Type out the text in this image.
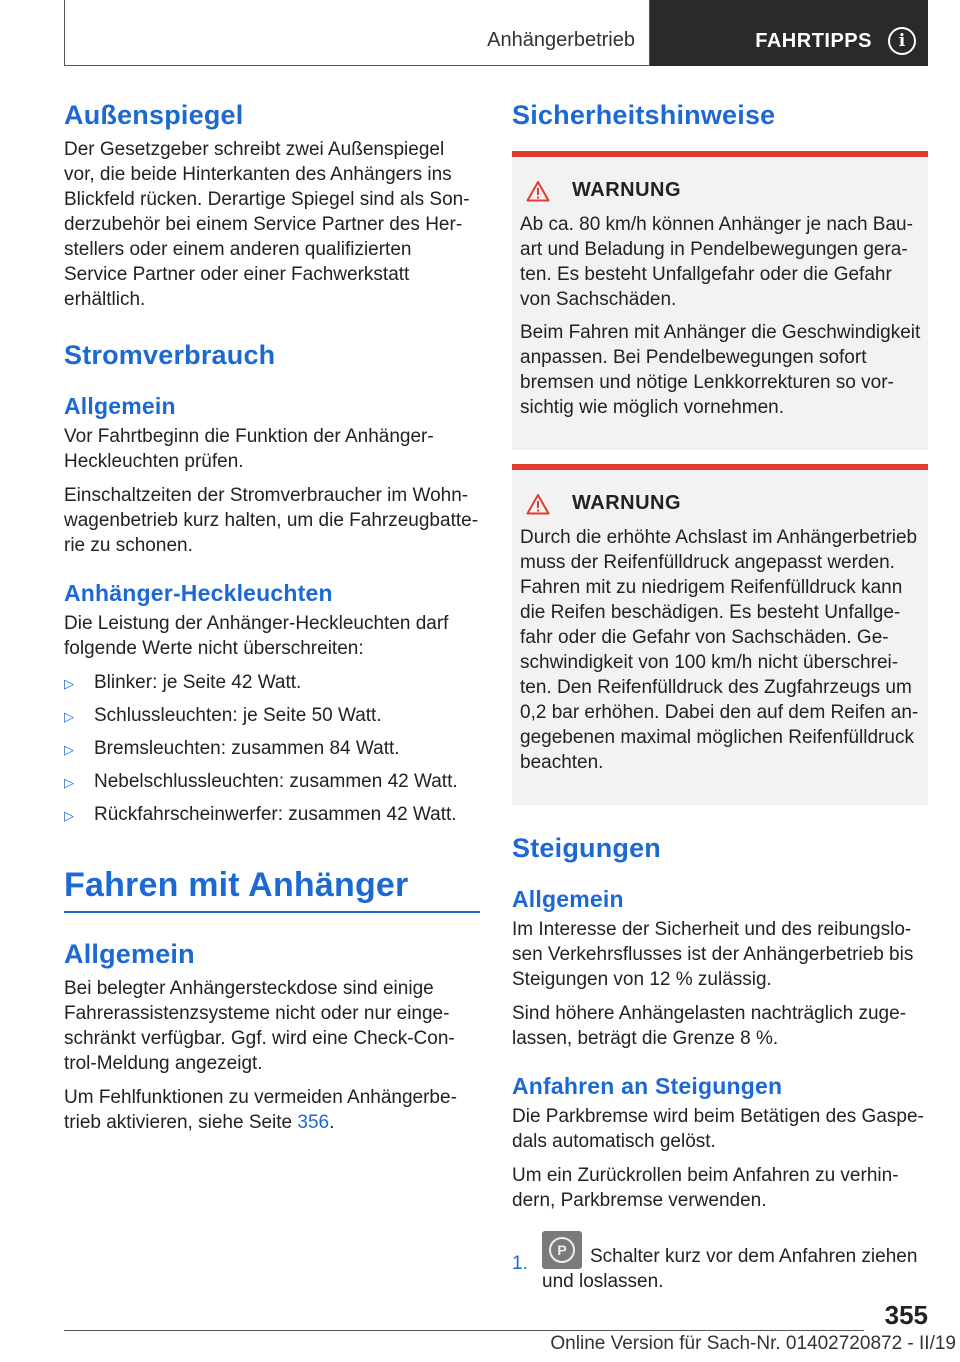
Anhängerbetrieb	FAHRTIPPS	i
Außenspiegel

Der Gesetzgeber schreibt zwei Außenspiegel vor, die beide Hinterkanten des Anhängers ins Blickfeld rücken. Derartige Spiegel sind als Sonderzubehör bei einem Service Partner des Herstellers oder einem anderen qualifizierten Service Partner oder einer Fachwerkstatt erhältlich.

Stromverbrauch
Allgemein

Vor Fahrtbeginn die Funktion der Anhänger-Heckleuchten prüfen.

Einschaltzeiten der Stromverbraucher im Wohnwagenbetrieb kurz halten, um die Fahrzeugbatterie zu schonen.

Anhänger-Heckleuchten

Die Leistung der Anhänger-Heckleuchten darf folgende Werte nicht überschreiten:

▷	Blinker: je Seite 42 Watt.
▷	Schlussleuchten: je Seite 50 Watt.
▷	Bremsleuchten: zusammen 84 Watt.
▷	Nebelschlussleuchten: zusammen 42 Watt.
▷	Rückfahrscheinwerfer: zusammen 42 Watt.
Fahren mit Anhänger
Allgemein

Bei belegter Anhängersteckdose sind einige Fahrerassistenzsysteme nicht oder nur eingeschränkt verfügbar. Ggf. wird eine Check-Control-Meldung angezeigt.

Um Fehlfunktionen zu vermeiden Anhängerbetrieb aktivieren, siehe Seite 356.

Sicherheitshinweise
WARNUNG

Ab ca. 80 km/h können Anhänger je nach Bauart und Beladung in Pendelbewegungen geraten. Es besteht Unfallgefahr oder die Gefahr von Sachschäden.

Beim Fahren mit Anhänger die Geschwindigkeit anpassen. Bei Pendelbewegungen sofort bremsen und nötige Lenkkorrekturen so vorsichtig wie möglich vornehmen.

WARNUNG

Durch die erhöhte Achslast im Anhängerbetrieb muss der Reifenfülldruck angepasst werden. Fahren mit zu niedrigem Reifenfülldruck kann die Reifen beschädigen. Es besteht Unfallgefahr oder die Gefahr von Sachschäden. Geschwindigkeit von 100 km/h nicht überschreiten. Den Reifenfülldruck des Zugfahrzeugs um 0,2 bar erhöhen. Dabei den auf dem Reifen angegebenen maximal möglichen Reifenfülldruck beachten.

Steigungen
Allgemein

Im Interesse der Sicherheit und des reibungslosen Verkehrsflusses ist der Anhängerbetrieb bis Steigungen von 12 % zulässig.

Sind höhere Anhängelasten nachträglich zugelassen, beträgt die Grenze 8 %.

Anfahren an Steigungen

Die Parkbremse wird beim Betätigen des Gaspedals automatisch gelöst.

Um ein Zurückrollen beim Anfahren zu verhindern, Parkbremse verwenden.

1.
P	Schalter kurz vor dem Anfahren ziehen und loslassen.
355
Online Version für Sach-Nr. 01402720872 - II/19
